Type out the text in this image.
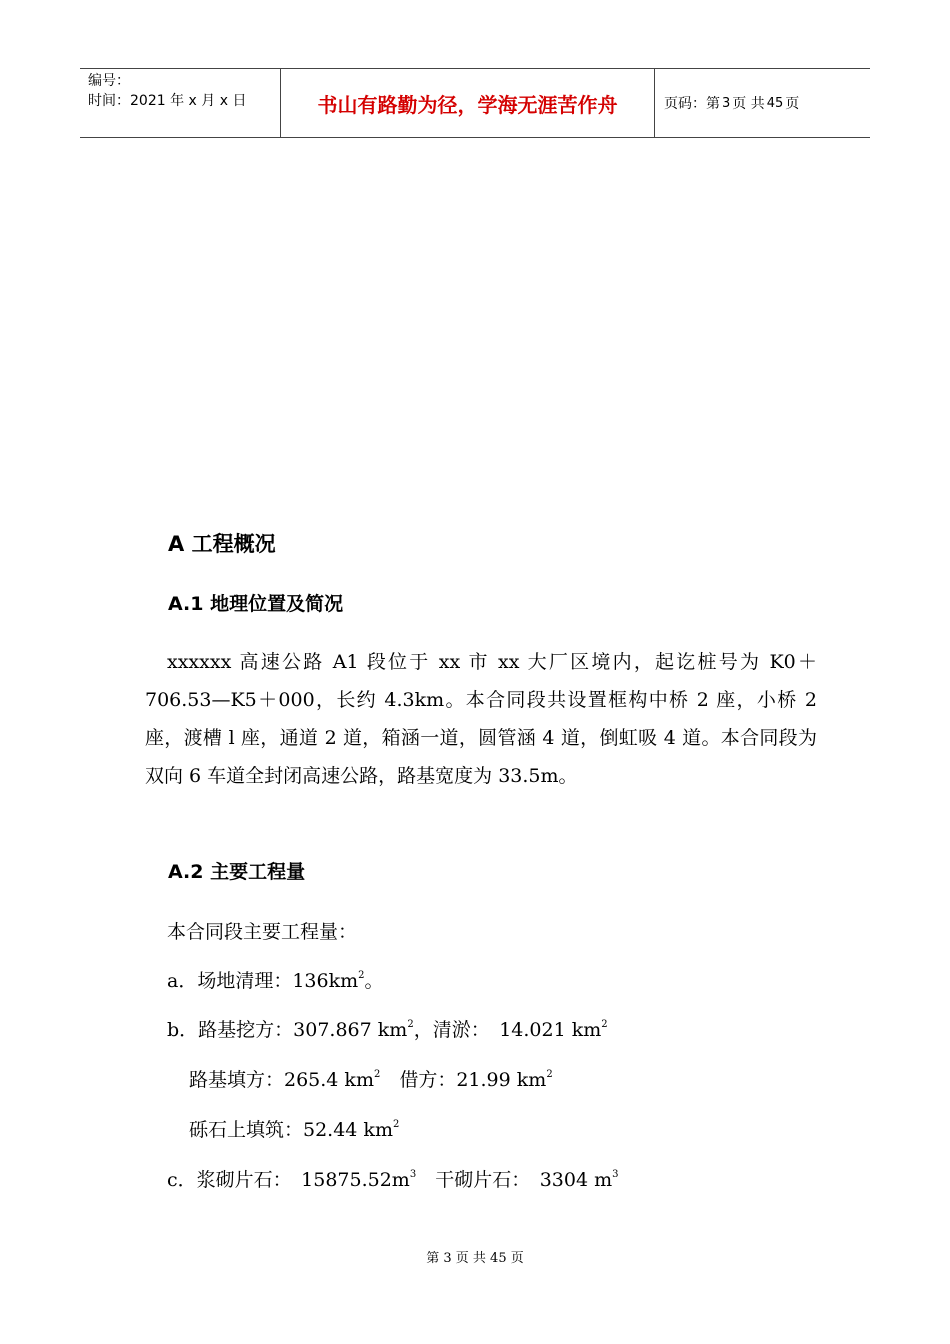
编号：
时间：2021 年 x 月 x 日	书山有路勤为径，学海无涯苦作舟	页码：第 3 页 共 45 页
A 工程概况
A.1 地理位置及简况
xxxxxx 高速公路 A1 段位于 xx 市 xx 大厂区境内，起讫桩号为 K0＋706.53—K5＋000，长约 4.3km。本合同段共设置框构中桥 2 座，小桥 2 座，渡槽 l 座，通道 2 道，箱涵一道，圆管涵 4 道，倒虹吸 4 道。本合同段为双向 6 车道全封闭高速公路，路基宽度为 33.5m。
A.2 主要工程量
本合同段主要工程量：
a．场地清理：$136km^2$。
b．路基挖方：307.867 $km^2$，清淤：　14.021 $km^2$
路基填方：265.4 $km^2$　借方：21.99 $km^2$
砾石上填筑：52.44 $km^2$
c．浆砌片石：　$15875.52m^3$　干砌片石：　3304 $m^3$
第 3 页 共 45 页
